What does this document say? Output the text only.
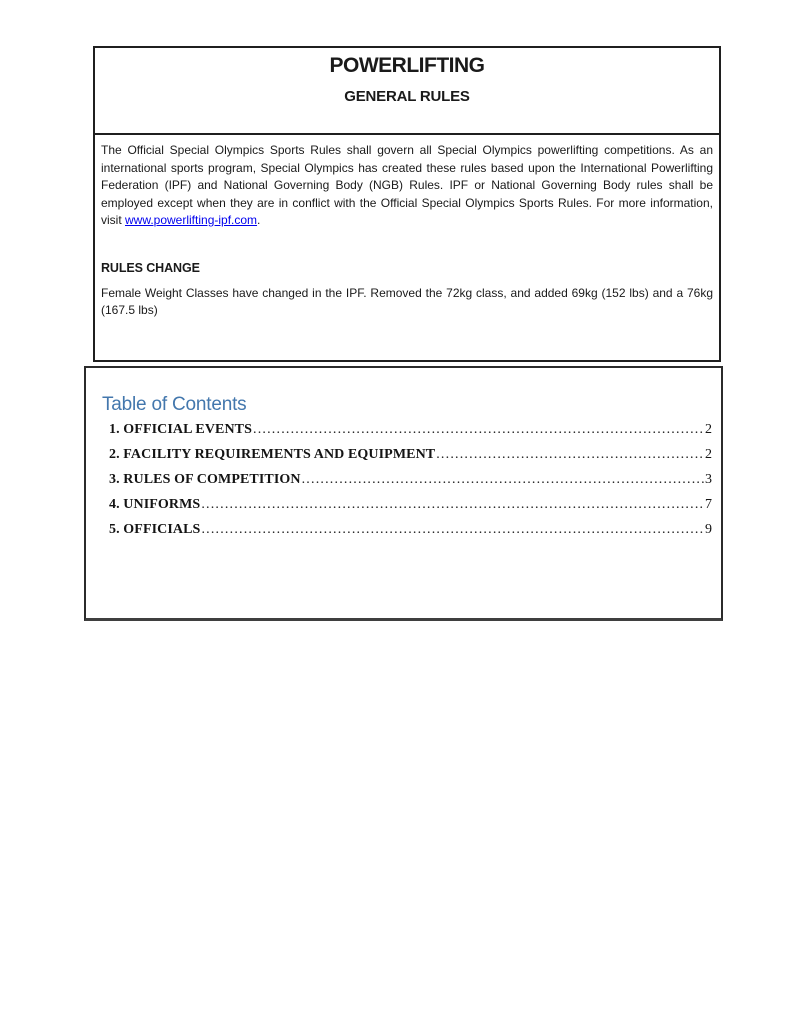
POWERLIFTING
GENERAL RULES

The Official Special Olympics Sports Rules shall govern all Special Olympics powerlifting competitions. As an international sports program, Special Olympics has created these rules based upon the International Powerlifting Federation (IPF) and National Governing Body (NGB) Rules. IPF or National Governing Body rules shall be employed except when they are in conflict with the Official Special Olympics Sports Rules. For more information, visit www.powerlifting-ipf.com.

RULES CHANGE

Female Weight Classes have changed in the IPF. Removed the 72kg class, and added 69kg (152 lbs) and a 76kg (167.5 lbs)

Table of Contents
1. OFFICIAL EVENTS .....	2
2. FACILITY REQUIREMENTS AND EQUIPMENT .....	2
3. RULES OF COMPETITION .....	3
4. UNIFORMS .....	7
5. OFFICIALS .....	9
